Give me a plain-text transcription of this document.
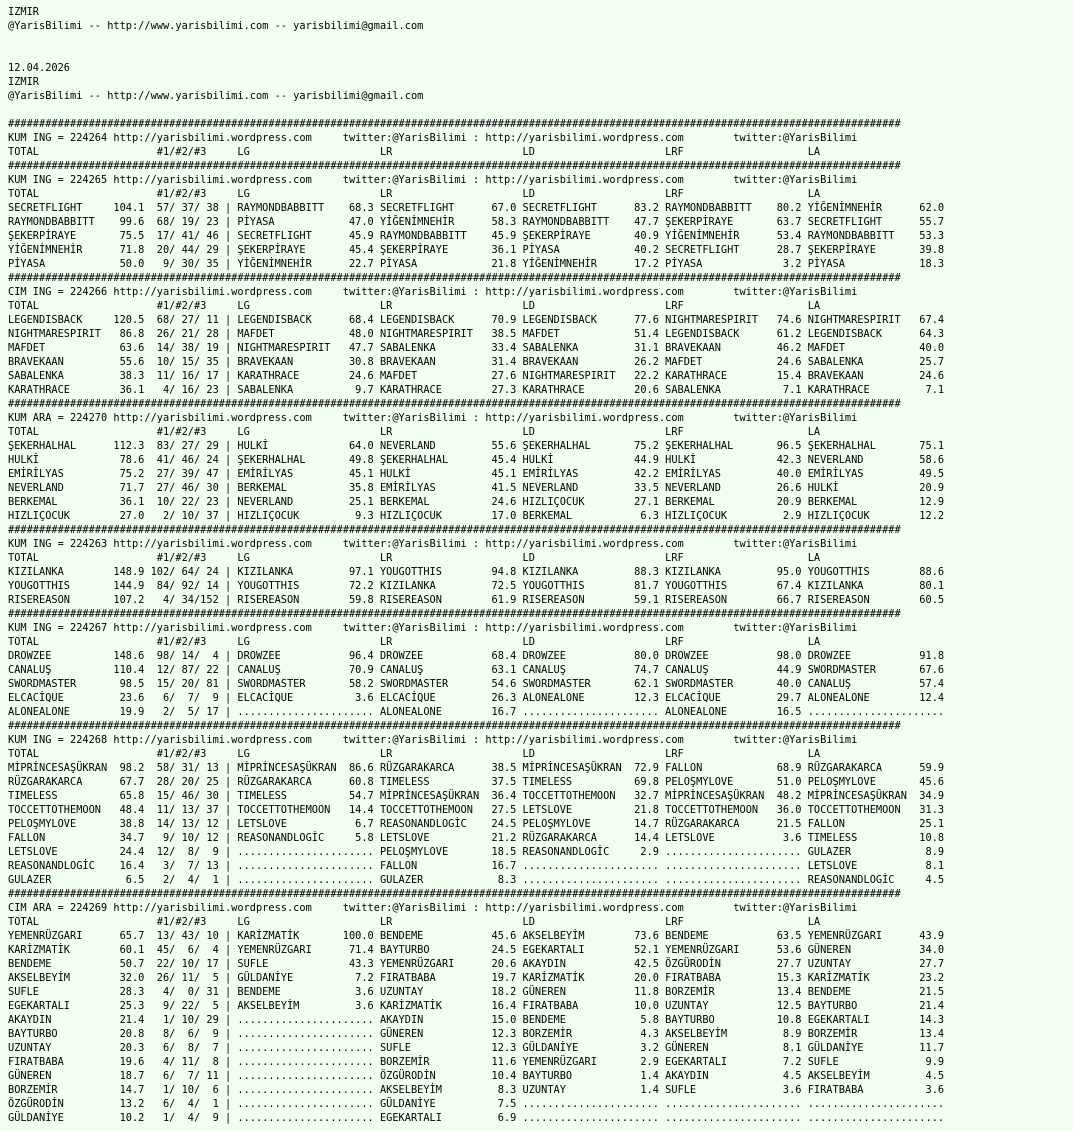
IZMIR
@YarisBilimi -- http://www.yarisbilimi.com -- yarisbilimi@gmail.com

12.04.2026
IZMIR
@YarisBilimi -- http://www.yarisbilimi.com -- yarisbilimi@gmail.com

################################################################################################################################################
KUM ING = 224264 http://yarisbilimi.wordpress.com     twitter:@YarisBilimi : http://yarisbilimi.wordpress.com        twitter:@YarisBilimi
TOTAL                   #1/#2/#3     LG                     LR                     LD                     LRF                    LA
################################################################################################################################################
KUM ING = 224265 http://yarisbilimi.wordpress.com     twitter:@YarisBilimi : http://yarisbilimi.wordpress.com        twitter:@YarisBilimi
TOTAL                   #1/#2/#3     LG                     LR                     LD                     LRF                    LA
SECRETFLIGHT     104.1  57/ 37/ 38 | RAYMONDBABBITT    68.3 SECRETFLIGHT      67.0 SECRETFLIGHT      83.2 RAYMONDBABBITT    80.2 YİĞENİMNEHİR      62.0
RAYMONDBABBITT    99.6  68/ 19/ 23 | PİYASA            47.0 YİĞENİMNEHİR      58.3 RAYMONDBABBITT    47.7 ŞEKERPİRAYE       63.7 SECRETFLIGHT      55.7
ŞEKERPİRAYE       75.5  17/ 41/ 46 | SECRETFLIGHT      45.9 RAYMONDBABBITT    45.9 ŞEKERPİRAYE       40.9 YİĞENİMNEHİR      53.4 RAYMONDBABBITT    53.3
YİĞENİMNEHİR      71.8  20/ 44/ 29 | ŞEKERPİRAYE       45.4 ŞEKERPİRAYE       36.1 PİYASA            40.2 SECRETFLIGHT      28.7 ŞEKERPİRAYE       39.8
PİYASA            50.0   9/ 30/ 35 | YİĞENİMNEHİR      22.7 PİYASA            21.8 YİĞENİMNEHİR      17.2 PİYASA             3.2 PİYASA            18.3
################################################################################################################################################
CIM ING = 224266 http://yarisbilimi.wordpress.com     twitter:@YarisBilimi : http://yarisbilimi.wordpress.com        twitter:@YarisBilimi
TOTAL                   #1/#2/#3     LG                     LR                     LD                     LRF                    LA
LEGENDISBACK     120.5  68/ 27/ 11 | LEGENDISBACK      68.4 LEGENDISBACK      70.9 LEGENDISBACK      77.6 NIGHTMARESPIRIT   74.6 NIGHTMARESPIRIT   67.4
NIGHTMARESPIRIT   86.8  26/ 21/ 28 | MAFDET            48.0 NIGHTMARESPIRIT   38.5 MAFDET            51.4 LEGENDISBACK      61.2 LEGENDISBACK      64.3
MAFDET            63.6  14/ 38/ 19 | NIGHTMARESPIRIT   47.7 SABALENKA         33.4 SABALENKA         31.1 BRAVEKAAN         46.2 MAFDET            40.0
BRAVEKAAN         55.6  10/ 15/ 35 | BRAVEKAAN         30.8 BRAVEKAAN         31.4 BRAVEKAAN         26.2 MAFDET            24.6 SABALENKA         25.7
SABALENKA         38.3  11/ 16/ 17 | KARATHRACE        24.6 MAFDET            27.6 NIGHTMARESPIRIT   22.2 KARATHRACE        15.4 BRAVEKAAN         24.6
KARATHRACE        36.1   4/ 16/ 23 | SABALENKA          9.7 KARATHRACE        27.3 KARATHRACE        20.6 SABALENKA          7.1 KARATHRACE         7.1
################################################################################################################################################
KUM ARA = 224270 http://yarisbilimi.wordpress.com     twitter:@YarisBilimi : http://yarisbilimi.wordpress.com        twitter:@YarisBilimi
TOTAL                   #1/#2/#3     LG                     LR                     LD                     LRF                    LA
ŞEKERHALHAL      112.3  83/ 27/ 29 | HULKİ             64.0 NEVERLAND         55.6 ŞEKERHALHAL       75.2 ŞEKERHALHAL       96.5 ŞEKERHALHAL       75.1
HULKİ             78.6  41/ 46/ 24 | ŞEKERHALHAL       49.8 ŞEKERHALHAL       45.4 HULKİ             44.9 HULKİ             42.3 NEVERLAND         58.6
EMİRİLYAS         75.2  27/ 39/ 47 | EMİRİLYAS         45.1 HULKİ             45.1 EMİRİLYAS         42.2 EMİRİLYAS         40.0 EMİRİLYAS         49.5
NEVERLAND         71.7  27/ 46/ 30 | BERKEMAL          35.8 EMİRİLYAS         41.5 NEVERLAND         33.5 NEVERLAND         26.6 HULKİ             20.9
BERKEMAL          36.1  10/ 22/ 23 | NEVERLAND         25.1 BERKEMAL          24.6 HIZLIÇOCUK        27.1 BERKEMAL          20.9 BERKEMAL          12.9
HIZLIÇOCUK        27.0   2/ 10/ 37 | HIZLIÇOCUK         9.3 HIZLIÇOCUK        17.0 BERKEMAL           6.3 HIZLIÇOCUK         2.9 HIZLIÇOCUK        12.2
################################################################################################################################################
KUM ING = 224263 http://yarisbilimi.wordpress.com     twitter:@YarisBilimi : http://yarisbilimi.wordpress.com        twitter:@YarisBilimi
TOTAL                   #1/#2/#3     LG                     LR                     LD                     LRF                    LA
KIZILANKA        148.9 102/ 64/ 24 | KIZILANKA         97.1 YOUGOTTHIS        94.8 KIZILANKA         88.3 KIZILANKA         95.0 YOUGOTTHIS        88.6
YOUGOTTHIS       144.9  84/ 92/ 14 | YOUGOTTHIS        72.2 KIZILANKA         72.5 YOUGOTTHIS        81.7 YOUGOTTHIS        67.4 KIZILANKA         80.1
RISEREASON       107.2   4/ 34/152 | RISEREASON        59.8 RISEREASON        61.9 RISEREASON        59.1 RISEREASON        66.7 RISEREASON        60.5
################################################################################################################################################
KUM ING = 224267 http://yarisbilimi.wordpress.com     twitter:@YarisBilimi : http://yarisbilimi.wordpress.com        twitter:@YarisBilimi
TOTAL                   #1/#2/#3     LG                     LR                     LD                     LRF                    LA
DROWZEE          148.6  98/ 14/  4 | DROWZEE           96.4 DROWZEE           68.4 DROWZEE           80.0 DROWZEE           98.0 DROWZEE           91.8
CANALUŞ          110.4  12/ 87/ 22 | CANALUŞ           70.9 CANALUŞ           63.1 CANALUŞ           74.7 CANALUŞ           44.9 SWORDMASTER       67.6
SWORDMASTER       98.5  15/ 20/ 81 | SWORDMASTER       58.2 SWORDMASTER       54.6 SWORDMASTER       62.1 SWORDMASTER       40.0 CANALUŞ           57.4
ELCACİQUE         23.6   6/  7/  9 | ELCACİQUE          3.6 ELCACİQUE         26.3 ALONEALONE        12.3 ELCACİQUE         29.7 ALONEALONE        12.4
ALONEALONE        19.9   2/  5/ 17 | ...................... ALONEALONE        16.7 ...................... ALONEALONE        16.5 ......................
################################################################################################################################################
KUM ING = 224268 http://yarisbilimi.wordpress.com     twitter:@YarisBilimi : http://yarisbilimi.wordpress.com        twitter:@YarisBilimi
TOTAL                   #1/#2/#3     LG                     LR                     LD                     LRF                    LA
MİPRİNCESAŞÜKRAN  98.2  58/ 31/ 13 | MİPRİNCESAŞÜKRAN  86.6 RÜZGARAKARCA      38.5 MİPRİNCESAŞÜKRAN  72.9 FALLON            68.9 RÜZGARAKARCA      59.9
RÜZGARAKARCA      67.7  28/ 20/ 25 | RÜZGARAKARCA      60.8 TIMELESS          37.5 TIMELESS          69.8 PELOŞMYLOVE       51.0 PELOŞMYLOVE       45.6
TIMELESS          65.8  15/ 46/ 30 | TIMELESS          54.7 MİPRİNCESAŞÜKRAN  36.4 TOCCETTOTHEMOON   32.7 MİPRİNCESAŞÜKRAN  48.2 MİPRİNCESAŞÜKRAN  34.9
TOCCETTOTHEMOON   48.4  11/ 13/ 37 | TOCCETTOTHEMOON   14.4 TOCCETTOTHEMOON   27.5 LETSLOVE          21.8 TOCCETTOTHEMOON   36.0 TOCCETTOTHEMOON   31.3
PELOŞMYLOVE       38.8  14/ 13/ 12 | LETSLOVE           6.7 REASONANDLOGİC    24.5 PELOŞMYLOVE       14.7 RÜZGARAKARCA      21.5 FALLON            25.1
FALLON            34.7   9/ 10/ 12 | REASONANDLOGİC     5.8 LETSLOVE          21.2 RÜZGARAKARCA      14.4 LETSLOVE           3.6 TIMELESS          10.8
LETSLOVE          24.4  12/  8/  9 | ...................... PELOŞMYLOVE       18.5 REASONANDLOGİC     2.9 ...................... GULAZER            8.9
REASONANDLOGİC    16.4   3/  7/ 13 | ...................... FALLON            16.7 ...................... ...................... LETSLOVE           8.1
GULAZER            6.5   2/  4/  1 | ...................... GULAZER            8.3 ...................... ...................... REASONANDLOGİC     4.5
################################################################################################################################################
CIM ARA = 224269 http://yarisbilimi.wordpress.com     twitter:@YarisBilimi : http://yarisbilimi.wordpress.com        twitter:@YarisBilimi
TOTAL                   #1/#2/#3     LG                     LR                     LD                     LRF                    LA
YEMENRÜZGARI      65.7  13/ 43/ 10 | KARİZMATİK       100.0 BENDEME           45.6 AKSELBEYİM        73.6 BENDEME           63.5 YEMENRÜZGARI      43.9
KARİZMATİK        60.1  45/  6/  4 | YEMENRÜZGARI      71.4 BAYTURBO          24.5 EGEKARTALI        52.1 YEMENRÜZGARI      53.6 GÜNEREN           34.0
BENDEME           50.7  22/ 10/ 17 | SUFLE             43.3 YEMENRÜZGARI      20.6 AKAYDIN           42.5 ÖZGÜRODİN         27.7 UZUNTAY           27.7
AKSELBEYİM        32.0  26/ 11/  5 | GÜLDANİYE          7.2 FIRATBABA         19.7 KARİZMATİK        20.0 FIRATBABA         15.3 KARİZMATİK        23.2
SUFLE             28.3   4/  0/ 31 | BENDEME            3.6 UZUNTAY           18.2 GÜNEREN           11.8 BORZEMİR          13.4 BENDEME           21.5
EGEKARTALI        25.3   9/ 22/  5 | AKSELBEYİM         3.6 KARİZMATİK        16.4 FIRATBABA         10.0 UZUNTAY           12.5 BAYTURBO          21.4
AKAYDIN           21.4   1/ 10/ 29 | ...................... AKAYDIN           15.0 BENDEME            5.8 BAYTURBO          10.8 EGEKARTALI        14.3
BAYTURBO          20.8   8/  6/  9 | ...................... GÜNEREN           12.3 BORZEMİR           4.3 AKSELBEYİM         8.9 BORZEMİR          13.4
UZUNTAY           20.3   6/  8/  7 | ...................... SUFLE             12.3 GÜLDANİYE          3.2 GÜNEREN            8.1 GÜLDANİYE         11.7
FIRATBABA         19.6   4/ 11/  8 | ...................... BORZEMİR          11.6 YEMENRÜZGARI       2.9 EGEKARTALI         7.2 SUFLE              9.9
GÜNEREN           18.7   6/  7/ 11 | ...................... ÖZGÜRODİN         10.4 BAYTURBO           1.4 AKAYDIN            4.5 AKSELBEYİM         4.5
BORZEMİR          14.7   1/ 10/  6 | ...................... AKSELBEYİM         8.3 UZUNTAY            1.4 SUFLE              3.6 FIRATBABA          3.6
ÖZGÜRODİN         13.2   6/  4/  1 | ...................... GÜLDANİYE          7.5 ...................... ...................... ......................
GÜLDANİYE         10.2   1/  4/  9 | ...................... EGEKARTALI         6.9 ...................... ...................... ......................
